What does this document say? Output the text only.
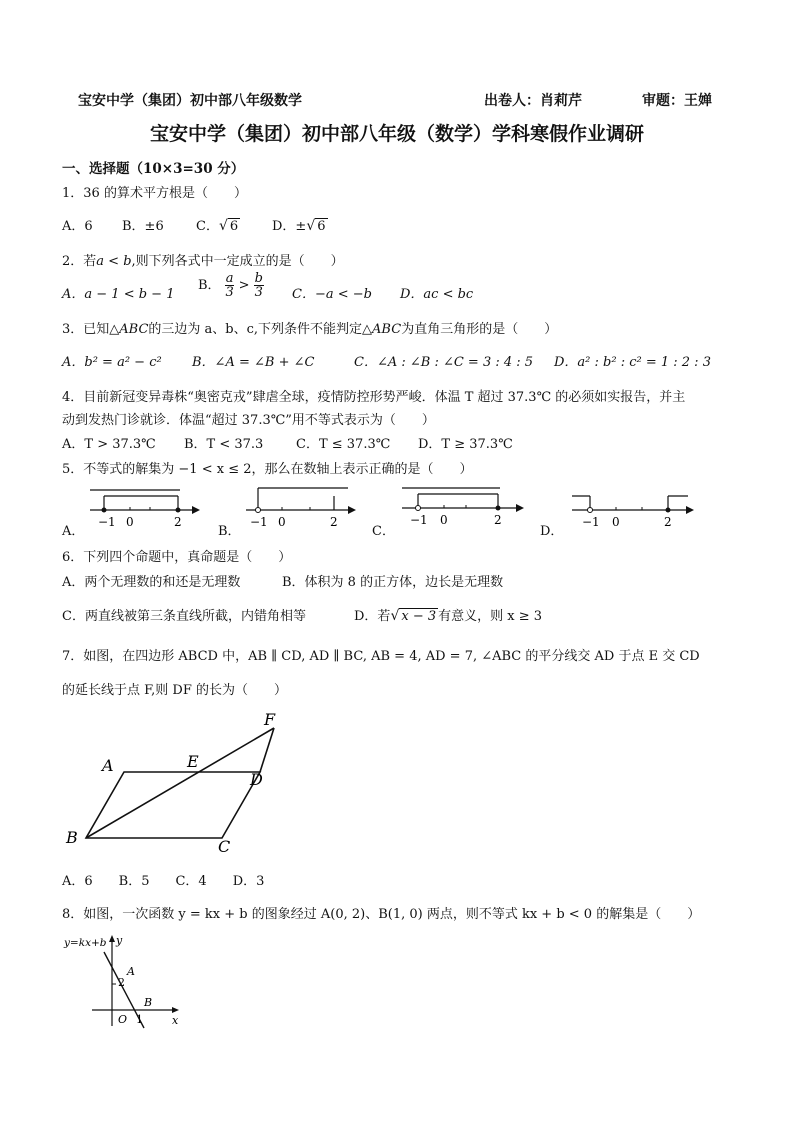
宝安中学（集团）初中部八年级数学	出卷人：肖莉芹	审题：王婵
宝安中学（集团）初中部八年级（数学）学科寒假作业调研
一、选择题（10×3=30 分）
1．36 的算术平方根是（　　）
A．6 B．±6 C．√ 6	D．±√ 6
2．若a < b,则下列各式中一定成立的是（　　）
A．a − 1 < b − 1
B． $\frac{a}{3} > \frac{b}{3}$ C．−a < −b D．ac < bc
3．已知△ABC的三边为 a、b、c,下列条件不能判定△ABC为直角三角形的是（　　）
A．b² = a² − c² B．∠A = ∠B + ∠C	C．∠A : ∠B : ∠C = 3 : 4 : 5 D．a² : b² : c² = 1 : 2 : 3
4．目前新冠变异毒株“奥密克戎”肆虐全球，疫情防控形势严峻．体温 T 超过 37.3℃ 的必须如实报告，并主
动到发热门诊就诊．体温“超过 37.3℃”用不等式表示为（　　）
A．T > 37.3℃ B．T < 37.3	C．T ≤ 37.3℃ D．T ≥ 37.3℃
5．不等式的解集为 −1 < x ≤ 2，那么在数轴上表示正确的是（　　）
A．
−1 0	2
B．
−1 0	2
C．
−1 0	2
D．
−1 0	2
6．下列四个命题中，真命题是（　　）
A．两个无理数的和还是无理数	B．体积为 8 的正方体，边长是无理数
C．两直线被第三条直线所截，内错角相等	D．若√ x − 3 有意义，则 x ≥ 3
7．如图，在四边形 ABCD 中，AB ∥ CD, AD ∥ BC, AB = 4, AD = 7, ∠ABC 的平分线交 AD 于点 E 交 CD
的延长线于点 F,则 DF 的长为（　　）
A	E
D
F
B	C
A．6　　B．5　　C．4　　D．3
8．如图，一次函数 y = kx + b 的图象经过 A(0, 2)、B(1, 0) 两点，则不等式 kx + b < 0 的解集是（　　）
y=kx+b y
x
A
B
O
2
1
